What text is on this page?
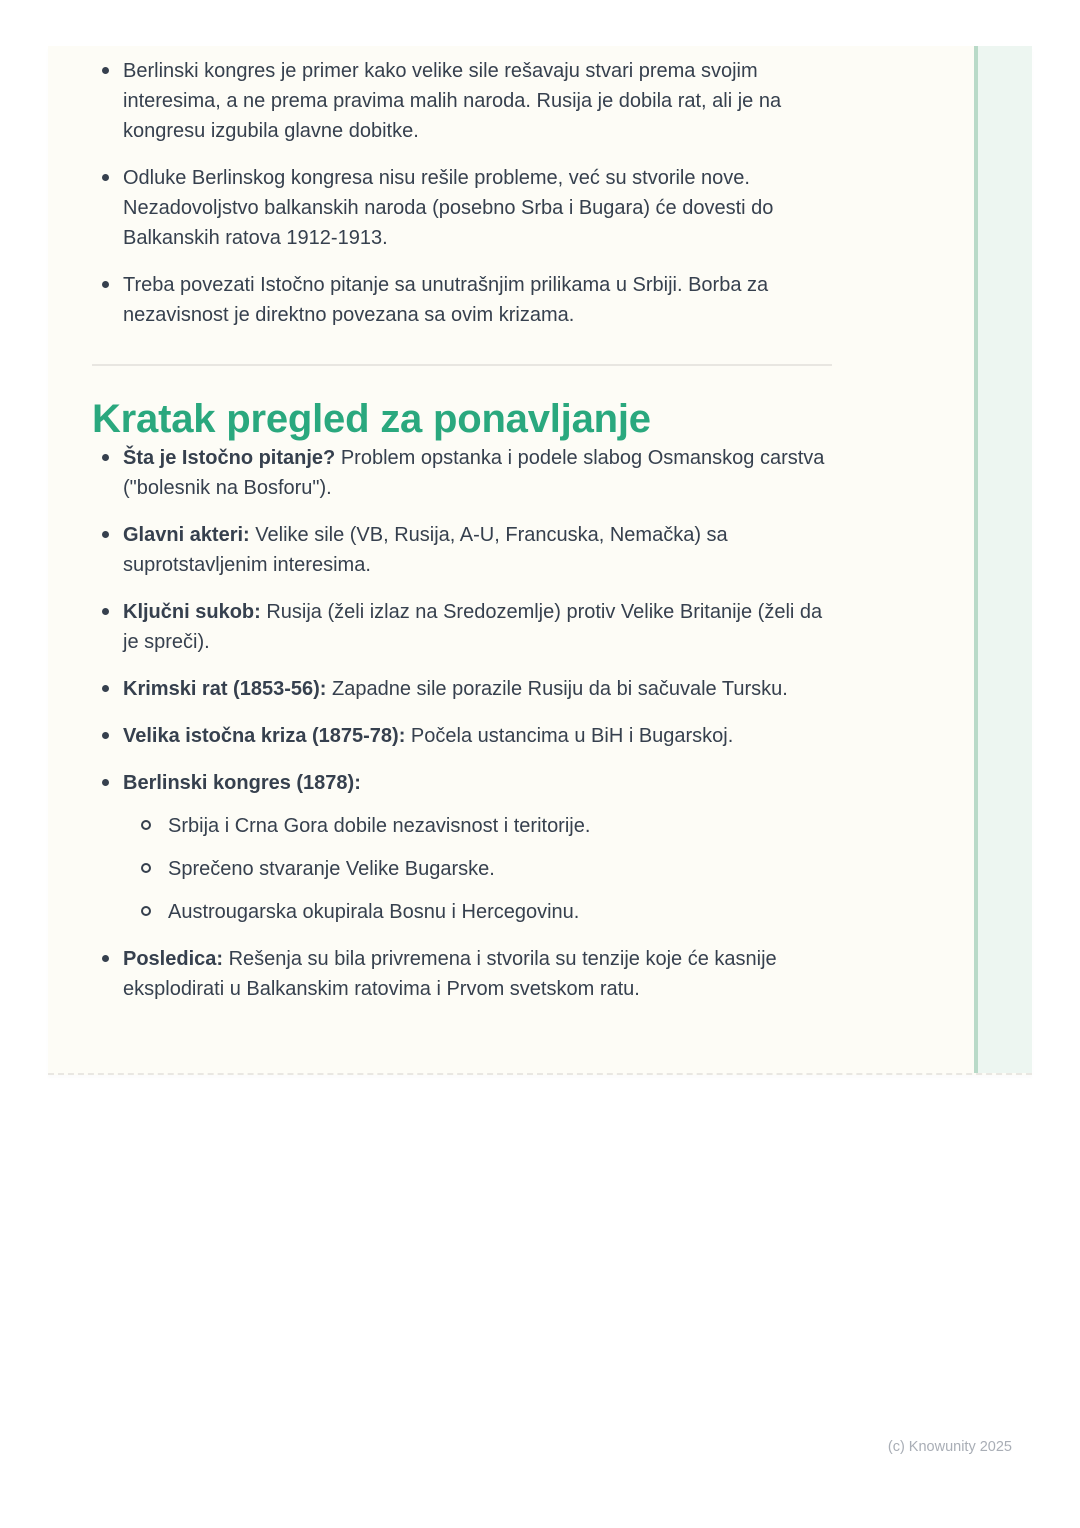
Berlinski kongres je primer kako velike sile rešavaju stvari prema svojim interesima, a ne prema pravima malih naroda. Rusija je dobila rat, ali je na kongresu izgubila glavne dobitke.
Odluke Berlinskog kongresa nisu rešile probleme, već su stvorile nove. Nezadovoljstvo balkanskih naroda (posebno Srba i Bugara) će dovesti do Balkanskih ratova 1912-1913.
Treba povezati Istočno pitanje sa unutrašnjim prilikama u Srbiji. Borba za nezavisnost je direktno povezana sa ovim krizama.
Kratak pregled za ponavljanje
Šta je Istočno pitanje? Problem opstanka i podele slabog Osmanskog carstva ("bolesnik na Bosforu").
Glavni akteri: Velike sile (VB, Rusija, A-U, Francuska, Nemačka) sa suprotstavljenim interesima.
Ključni sukob: Rusija (želi izlaz na Sredozemlje) protiv Velike Britanije (želi da je spreči).
Krimski rat (1853-56): Zapadne sile porazile Rusiju da bi sačuvale Tursku.
Velika istočna kriza (1875-78): Počela ustancima u BiH i Bugarskoj.
Berlinski kongres (1878):
Srbija i Crna Gora dobile nezavisnost i teritorije.
Sprečeno stvaranje Velike Bugarske.
Austrougarska okupirala Bosnu i Hercegovinu.
Posledica: Rešenja su bila privremena i stvorila su tenzije koje će kasnije eksplodirati u Balkanskim ratovima i Prvom svetskom ratu.
(c) Knowunity 2025
